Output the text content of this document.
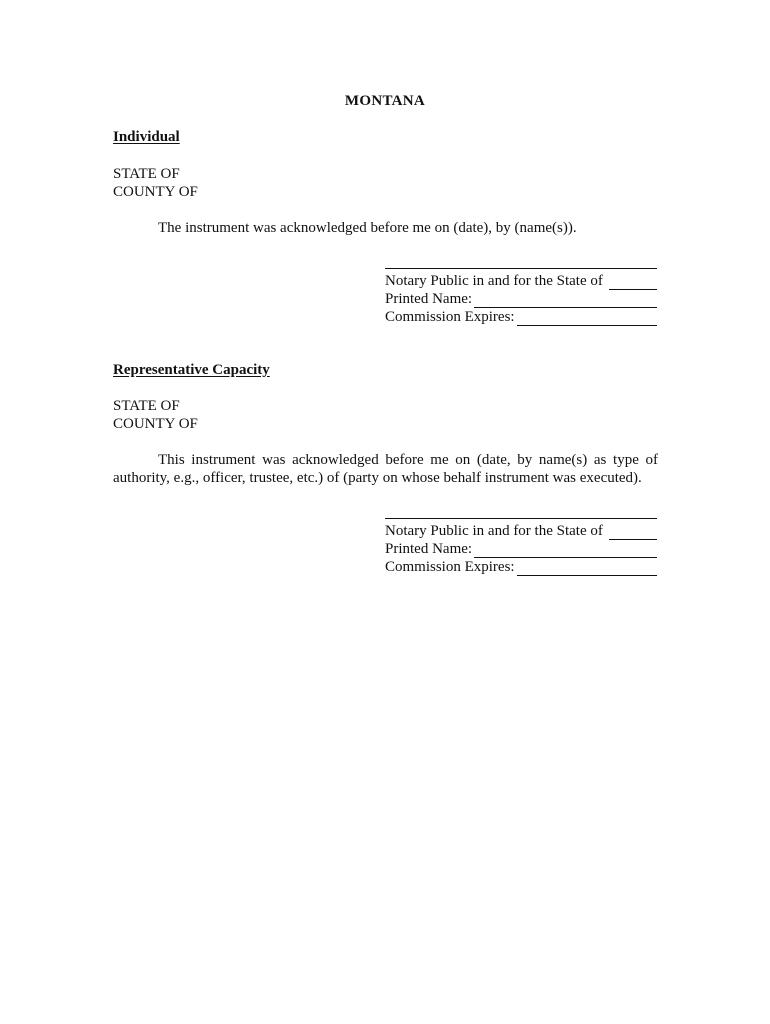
MONTANA
Individual
STATE OF
COUNTY OF
The instrument was acknowledged before me on (date), by (name(s)).
Notary Public in and for the State of
Printed Name:
Commission Expires:
Representative Capacity
STATE OF
COUNTY OF
This instrument was acknowledged before me on (date, by name(s) as type of authority, e.g., officer, trustee, etc.) of (party on whose behalf instrument was executed).
Notary Public in and for the State of
Printed Name:
Commission Expires:
